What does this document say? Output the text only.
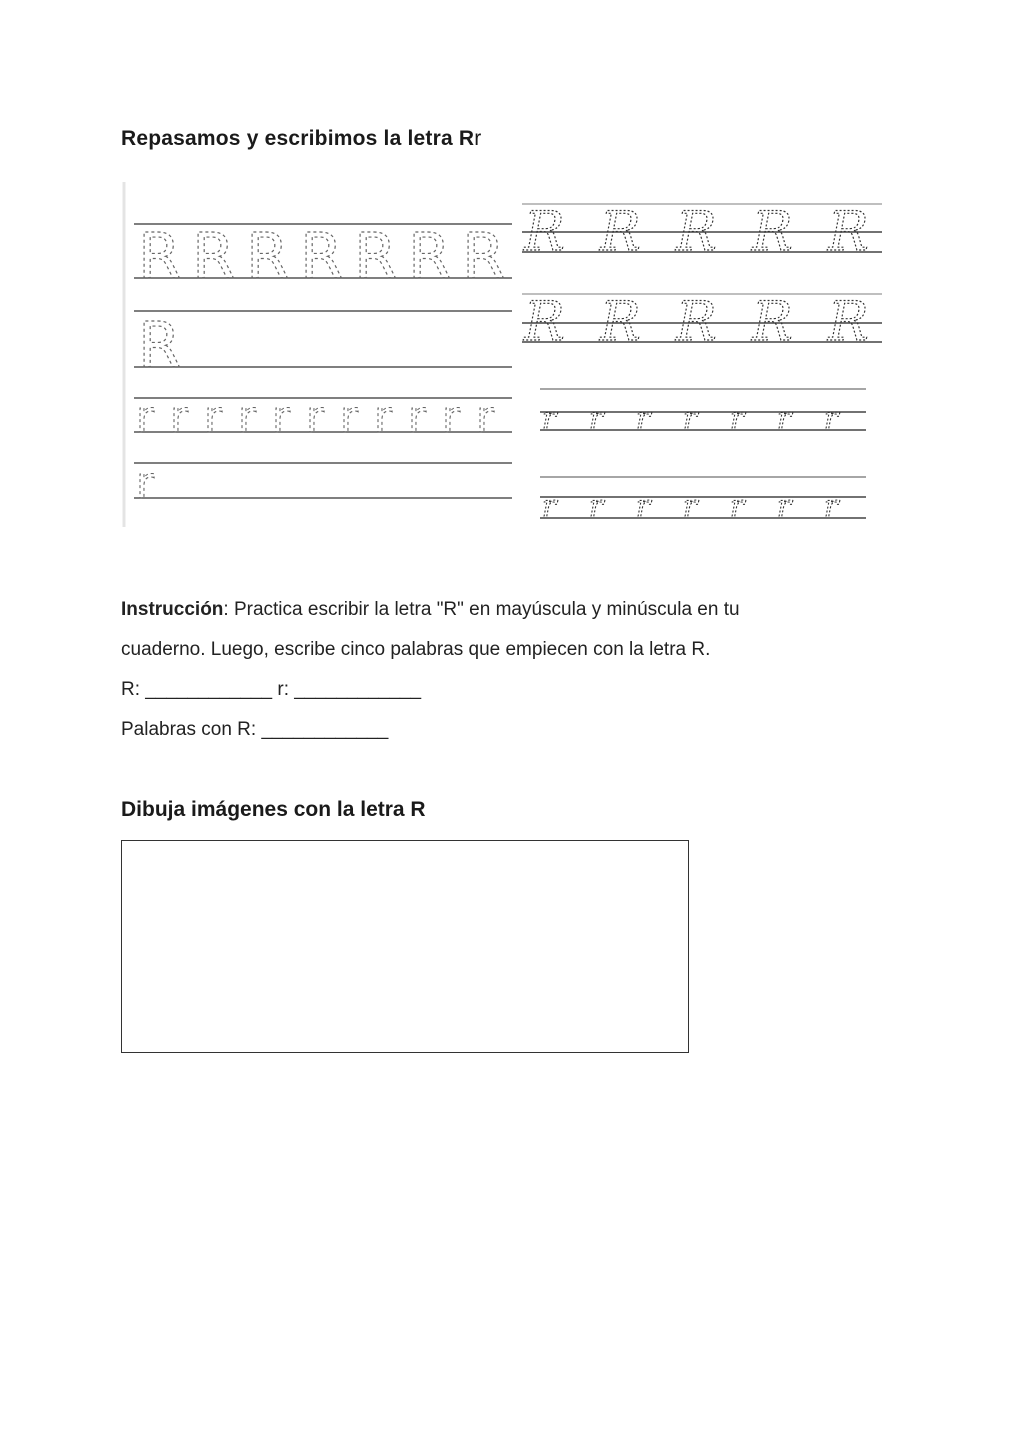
Repasamos y escribimos la letra Rr
R R R R R R R
R
r r r r r r r r r r r
r
R R R R R
R R R R R
r r r r r r r
r r r r r r r

Instrucción: Practica escribir la letra "R" en mayúscula y minúscula en tu
cuaderno. Luego, escribe cinco palabras que empiecen con la letra R.

R: ____________ r: ____________

Palabras con R: ____________

Dibuja imágenes con la letra R
